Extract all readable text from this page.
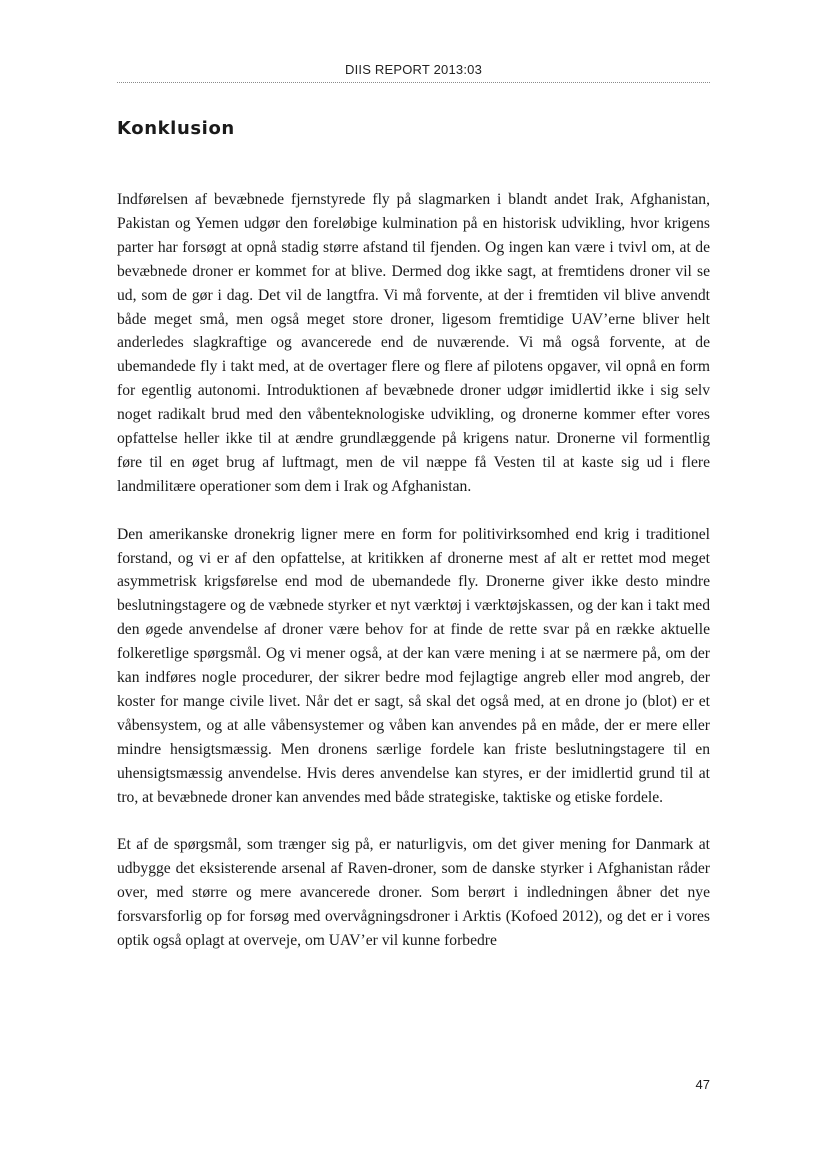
DIIS REPORT 2013:03
Konklusion

Indførelsen af bevæbnede fjernstyrede fly på slagmarken i blandt andet Irak, Afghanistan, Pakistan og Yemen udgør den foreløbige kulmination på en historisk udvikling, hvor krigens parter har forsøgt at opnå stadig større afstand til fjenden. Og ingen kan være i tvivl om, at de bevæbnede droner er kommet for at blive. Dermed dog ikke sagt, at fremtidens droner vil se ud, som de gør i dag. Det vil de langtfra. Vi må forvente, at der i fremtiden vil blive anvendt både meget små, men også meget store droner, ligesom fremtidige UAV’erne bliver helt anderledes slagkraftige og avancerede end de nuværende. Vi må også forvente, at de ubemandede fly i takt med, at de overtager flere og flere af pilotens opgaver, vil opnå en form for egentlig autonomi. Introduktionen af bevæbnede droner udgør imidlertid ikke i sig selv noget radikalt brud med den våbenteknologiske udvikling, og dronerne kommer efter vores opfattelse heller ikke til at ændre grundlæggende på krigens natur. Dronerne vil formentlig føre til en øget brug af luftmagt, men de vil næppe få Vesten til at kaste sig ud i flere landmilitære operationer som dem i Irak og Afghanistan.

Den amerikanske dronekrig ligner mere en form for politivirksomhed end krig i traditionel forstand, og vi er af den opfattelse, at kritikken af dronerne mest af alt er rettet mod meget asymmetrisk krigsførelse end mod de ubemandede fly. Dronerne giver ikke desto mindre beslutningstagere og de væbnede styrker et nyt værktøj i værktøjskassen, og der kan i takt med den øgede anvendelse af droner være behov for at finde de rette svar på en række aktuelle folkeretlige spørgsmål. Og vi mener også, at der kan være mening i at se nærmere på, om der kan indføres nogle procedurer, der sikrer bedre mod fejlagtige angreb eller mod angreb, der koster for mange civile livet. Når det er sagt, så skal det også med, at en drone jo (blot) er et våbensystem, og at alle våbensystemer og våben kan anvendes på en måde, der er mere eller mindre hensigtsmæssig. Men dronens særlige fordele kan friste beslutningstagere til en uhensigtsmæssig anvendelse. Hvis deres anvendelse kan styres, er der imidlertid grund til at tro, at bevæbnede droner kan anvendes med både strategiske, taktiske og etiske fordele.

Et af de spørgsmål, som trænger sig på, er naturligvis, om det giver mening for Danmark at udbygge det eksisterende arsenal af Raven-droner, som de danske styrker i Afghanistan råder over, med større og mere avancerede droner. Som berørt i indledningen åbner det nye forsvarsforlig op for forsøg med overvågningsdroner i Arktis (Kofoed 2012), og det er i vores optik også oplagt at overveje, om UAV’er vil kunne forbedre

47
